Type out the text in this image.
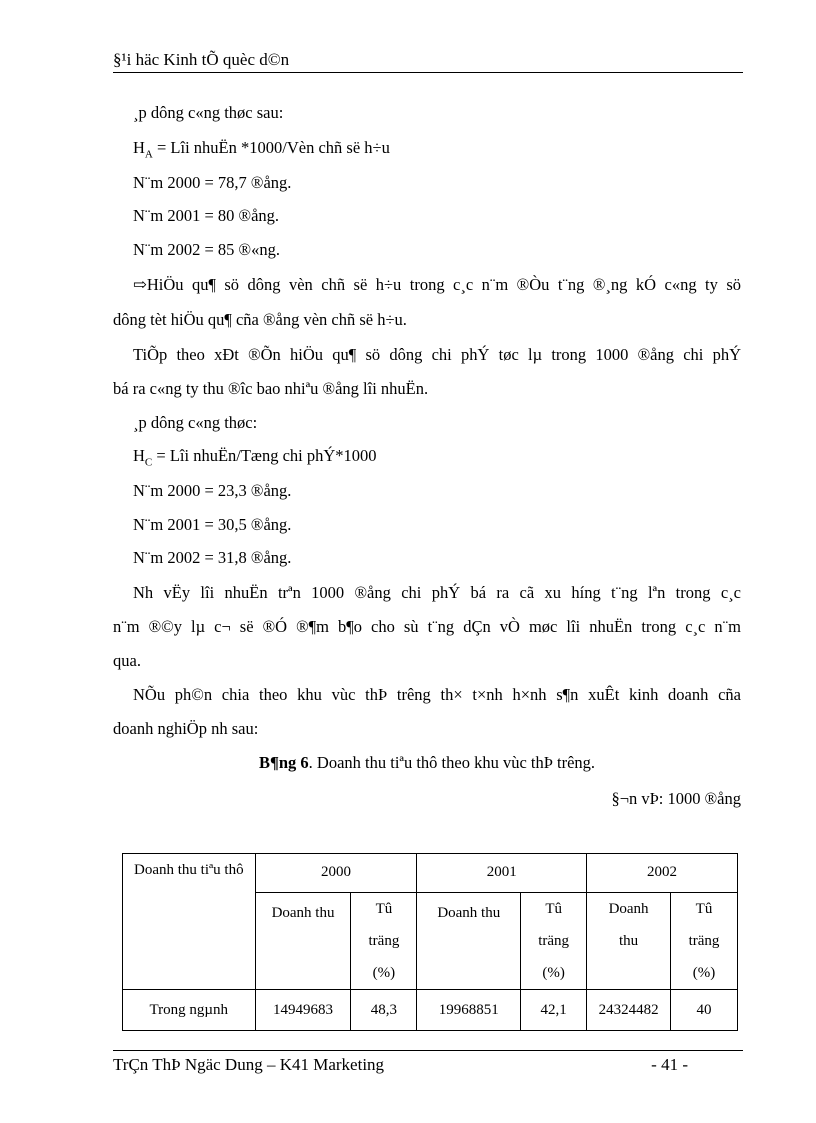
§¹i häc Kinh tÕ quèc d©n
¸p dông c«ng thøc sau:
$H_A$ = Lîi nhuËn *1000/Vèn chñ së h÷u
N¨m 2000 = 78,7 ®ång.
N¨m 2001 = 80 ®ång.
N¨m 2002 = 85 ®«ng.
⇨HiÖu qu¶ sö dông vèn chñ së h÷u trong c¸c n¨m ®Òu t¨ng ®¸ng kÓ c«ng ty sö
dông tèt hiÖu qu¶ cña ®ång vèn chñ së h÷u.
TiÕp theo xÐt ®Õn hiÖu qu¶ sö dông chi phÝ tøc lµ trong 1000 ®ång chi phÝ
bá ra c«ng ty thu ®îc bao nhiªu ®ång lîi nhuËn.
¸p dông c«ng thøc:
$H_C$ = Lîi nhuËn/Tæng chi phÝ*1000
N¨m 2000 = 23,3 ®ång.
N¨m 2001 = 30,5 ®ång.
N¨m 2002 = 31,8 ®ång.
Nh vËy lîi nhuËn trªn 1000 ®ång chi phÝ bá ra cã xu híng t¨ng lªn trong c¸c
n¨m ®©y lµ c¬ së ®Ó ®¶m b¶o cho sù t¨ng dÇn vÒ møc lîi nhuËn trong c¸c n¨m
qua.
NÕu ph©n chia theo khu vùc thÞ trêng th× t×nh h×nh s¶n xuÊt kinh doanh cña
doanh nghiÖp nh sau:
B¶ng 6. Doanh thu tiªu thô theo khu vùc thÞ trêng.
§¬n vÞ: 1000 ®ång
Doanh thu tiªu thô	2000		2001		2002	
	Doanh thu	Tû träng (%)	Doanh thu	Tû träng (%)	Doanh thu	Tû träng (%)
Trong ngµnh	14949683	48,3	19968851	42,1	24324482	40
TrÇn ThÞ Ngäc Dung – K41 Marketing	- 41 -
